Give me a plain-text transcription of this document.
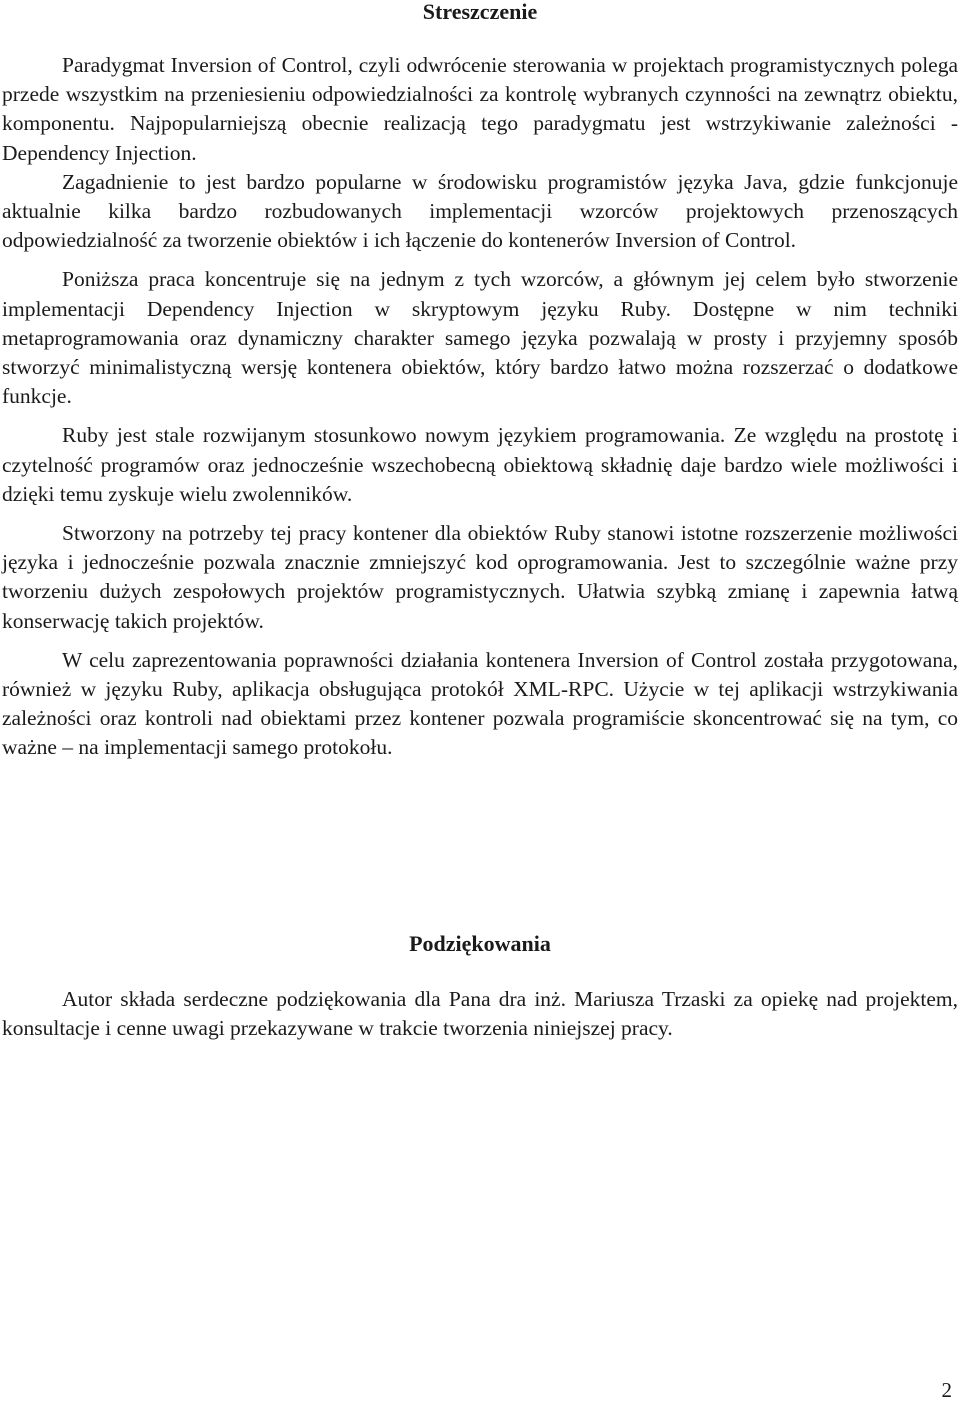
Streszczenie

Paradygmat Inversion of Control, czyli odwrócenie sterowania w projektach programistycznych polega przede wszystkim na przeniesieniu odpowiedzialności za kontrolę wybranych czynności na zewnątrz obiektu, komponentu. Najpopularniejszą obecnie realizacją tego paradygmatu jest wstrzykiwanie zależności - Dependency Injection.

Zagadnienie to jest bardzo popularne w środowisku programistów języka Java, gdzie funkcjonuje aktualnie kilka bardzo rozbudowanych implementacji wzorców projektowych przenoszących odpowiedzialność za tworzenie obiektów i ich łączenie do kontenerów Inversion of Control.

Poniższa praca koncentruje się na jednym z tych wzorców, a głównym jej celem było stworzenie implementacji Dependency Injection w skryptowym języku Ruby. Dostępne w nim techniki metaprogramowania oraz dynamiczny charakter samego języka pozwalają w prosty i przyjemny sposób stworzyć minimalistyczną wersję kontenera obiektów, który bardzo łatwo można rozszerzać o dodatkowe funkcje.

Ruby jest stale rozwijanym stosunkowo nowym językiem programowania. Ze względu na prostotę i czytelność programów oraz jednocześnie wszechobecną obiektową składnię daje bardzo wiele możliwości i dzięki temu zyskuje wielu zwolenników.

Stworzony na potrzeby tej pracy kontener dla obiektów Ruby stanowi istotne rozszerzenie możliwości języka i jednocześnie pozwala znacznie zmniejszyć kod oprogramowania. Jest to szczególnie ważne przy tworzeniu dużych zespołowych projektów programistycznych. Ułatwia szybką zmianę i zapewnia łatwą konserwację takich projektów.

W celu zaprezentowania poprawności działania kontenera Inversion of Control została przygotowana, również w języku Ruby, aplikacja obsługująca protokół XML-RPC. Użycie w tej aplikacji wstrzykiwania zależności oraz kontroli nad obiektami przez kontener pozwala programiście skoncentrować się na tym, co ważne – na implementacji samego protokołu.

Podziękowania

Autor składa serdeczne podziękowania dla Pana dra inż. Mariusza Trzaski za opiekę nad projektem, konsultacje i cenne uwagi przekazywane w trakcie tworzenia niniejszej pracy.

2
